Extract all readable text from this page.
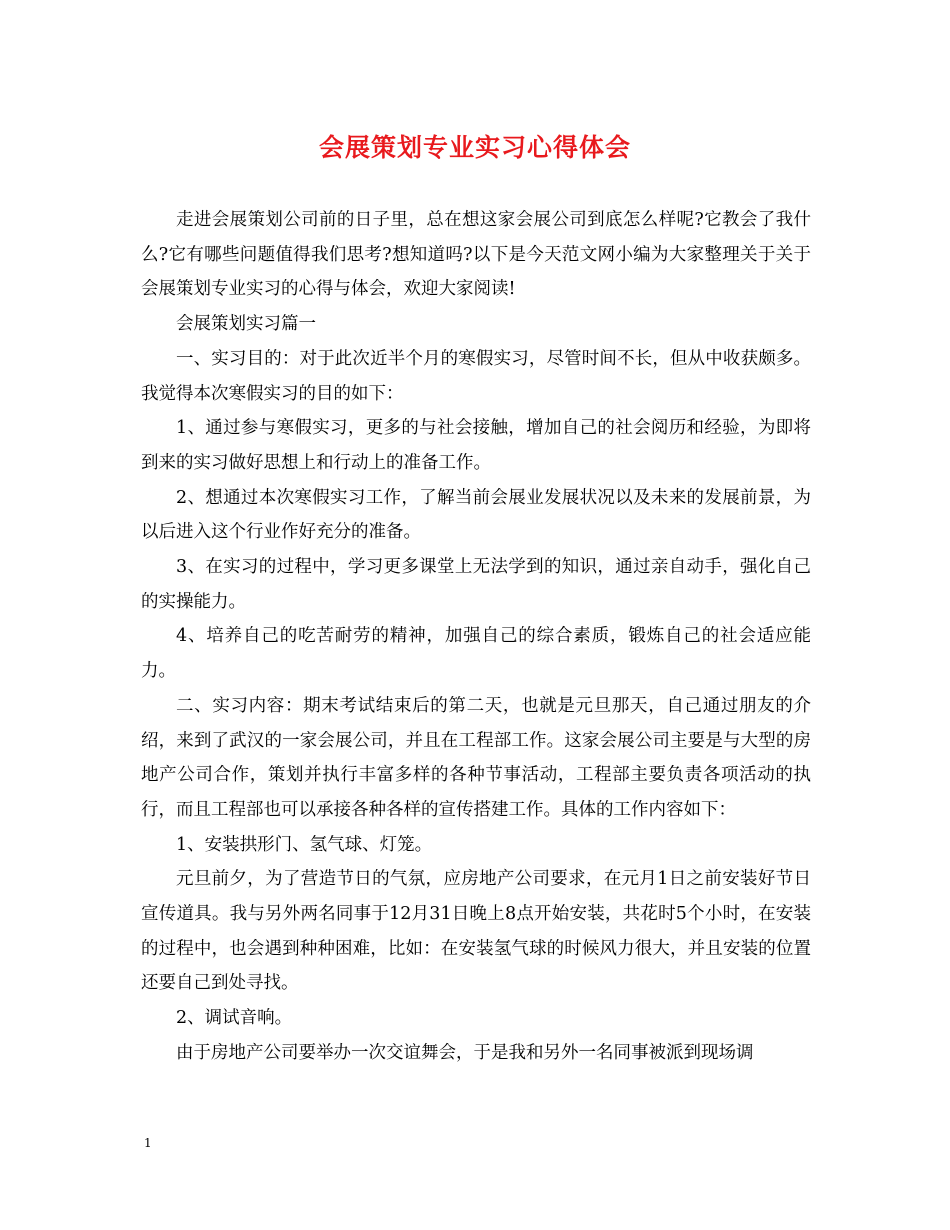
会展策划专业实习心得体会

走进会展策划公司前的日子里，总在想这家会展公司到底怎么样呢?它教会了我什么?它有哪些问题值得我们思考?想知道吗?以下是今天范文网小编为大家整理关于关于会展策划专业实习的心得与体会，欢迎大家阅读!

会展策划实习篇一

一、实习目的：对于此次近半个月的寒假实习，尽管时间不长，但从中收获颇多。我觉得本次寒假实习的目的如下：

1、通过参与寒假实习，更多的与社会接触，增加自己的社会阅历和经验，为即将到来的实习做好思想上和行动上的准备工作。

2、想通过本次寒假实习工作，了解当前会展业发展状况以及未来的发展前景，为以后进入这个行业作好充分的准备。

3、在实习的过程中，学习更多课堂上无法学到的知识，通过亲自动手，强化自己的实操能力。

4、培养自己的吃苦耐劳的精神，加强自己的综合素质，锻炼自己的社会适应能力。

二、实习内容：期末考试结束后的第二天，也就是元旦那天，自己通过朋友的介绍，来到了武汉的一家会展公司，并且在工程部工作。这家会展公司主要是与大型的房地产公司合作，策划并执行丰富多样的各种节事活动，工程部主要负责各项活动的执行，而且工程部也可以承接各种各样的宣传搭建工作。具体的工作内容如下：

1、安装拱形门、氢气球、灯笼。

元旦前夕，为了营造节日的气氛，应房地产公司要求，在元月1日之前安装好节日宣传道具。我与另外两名同事于12月31日晚上8点开始安装，共花时5个小时，在安装的过程中，也会遇到种种困难，比如：在安装氢气球的时候风力很大，并且安装的位置还要自己到处寻找。

2、调试音响。

由于房地产公司要举办一次交谊舞会，于是我和另外一名同事被派到现场调

1
